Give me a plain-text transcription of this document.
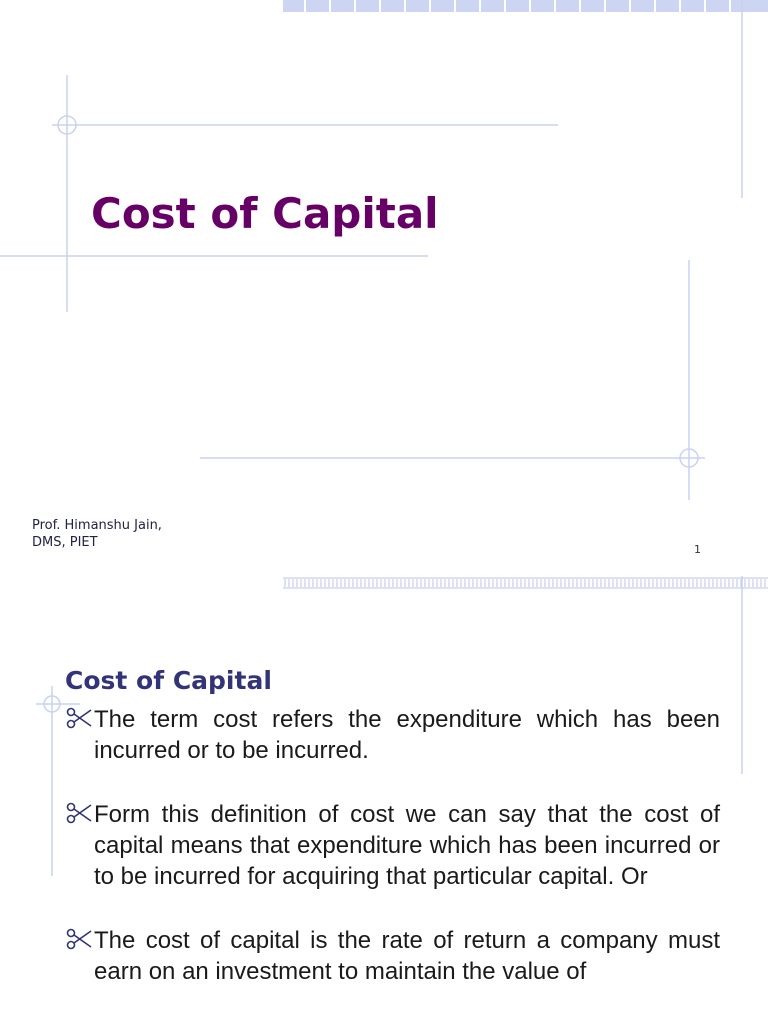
Cost of Capital
Prof. Himanshu Jain,
DMS, PIET	1
Cost of Capital
The term cost refers the expenditure which has been incurred or to be incurred.
Form this definition of cost we can say that the cost of capital means that expenditure which has been incurred or to be incurred for acquiring that particular capital. Or
The cost of capital is the rate of return a company must earn on an investment to maintain the value of
